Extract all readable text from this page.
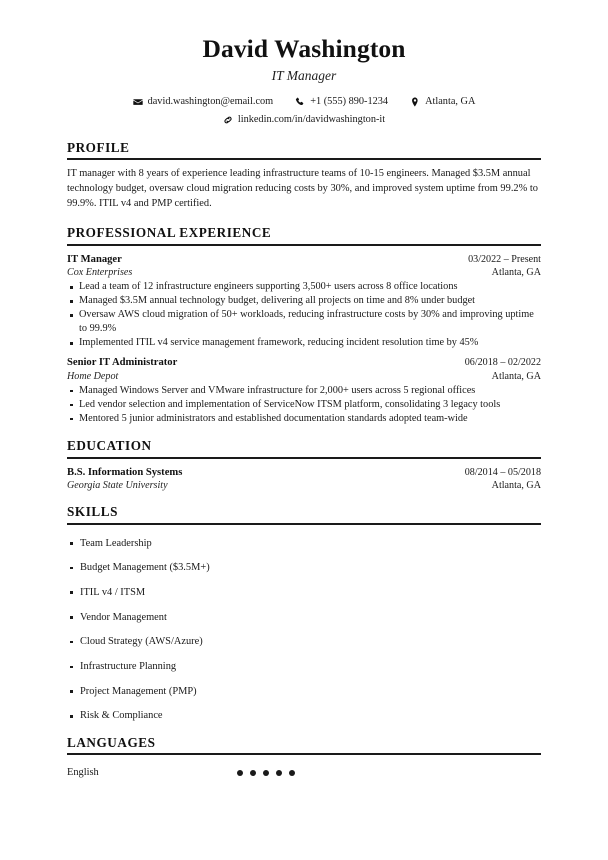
David Washington
IT Manager
david.washington@email.com	+1 (555) 890-1234	Atlanta, GA
linkedin.com/in/davidwashington-it
PROFILE
IT manager with 8 years of experience leading infrastructure teams of 10-15 engineers. Managed $3.5M annual technology budget, oversaw cloud migration reducing costs by 30%, and improved system uptime from 99.2% to 99.9%. ITIL v4 and PMP certified.
PROFESSIONAL EXPERIENCE
IT Manager
Cox Enterprises
03/2022 – Present
Atlanta, GA
Lead a team of 12 infrastructure engineers supporting 3,500+ users across 8 office locations
Managed $3.5M annual technology budget, delivering all projects on time and 8% under budget
Oversaw AWS cloud migration of 50+ workloads, reducing infrastructure costs by 30% and improving uptime to 99.9%
Implemented ITIL v4 service management framework, reducing incident resolution time by 45%
Senior IT Administrator
Home Depot
06/2018 – 02/2022
Atlanta, GA
Managed Windows Server and VMware infrastructure for 2,000+ users across 5 regional offices
Led vendor selection and implementation of ServiceNow ITSM platform, consolidating 3 legacy tools
Mentored 5 junior administrators and established documentation standards adopted team-wide
EDUCATION
B.S. Information Systems
Georgia State University
08/2014 – 05/2018
Atlanta, GA
SKILLS
Team Leadership
Budget Management ($3.5M+)
ITIL v4 / ITSM
Vendor Management
Cloud Strategy (AWS/Azure)
Infrastructure Planning
Project Management (PMP)
Risk & Compliance
LANGUAGES
English
